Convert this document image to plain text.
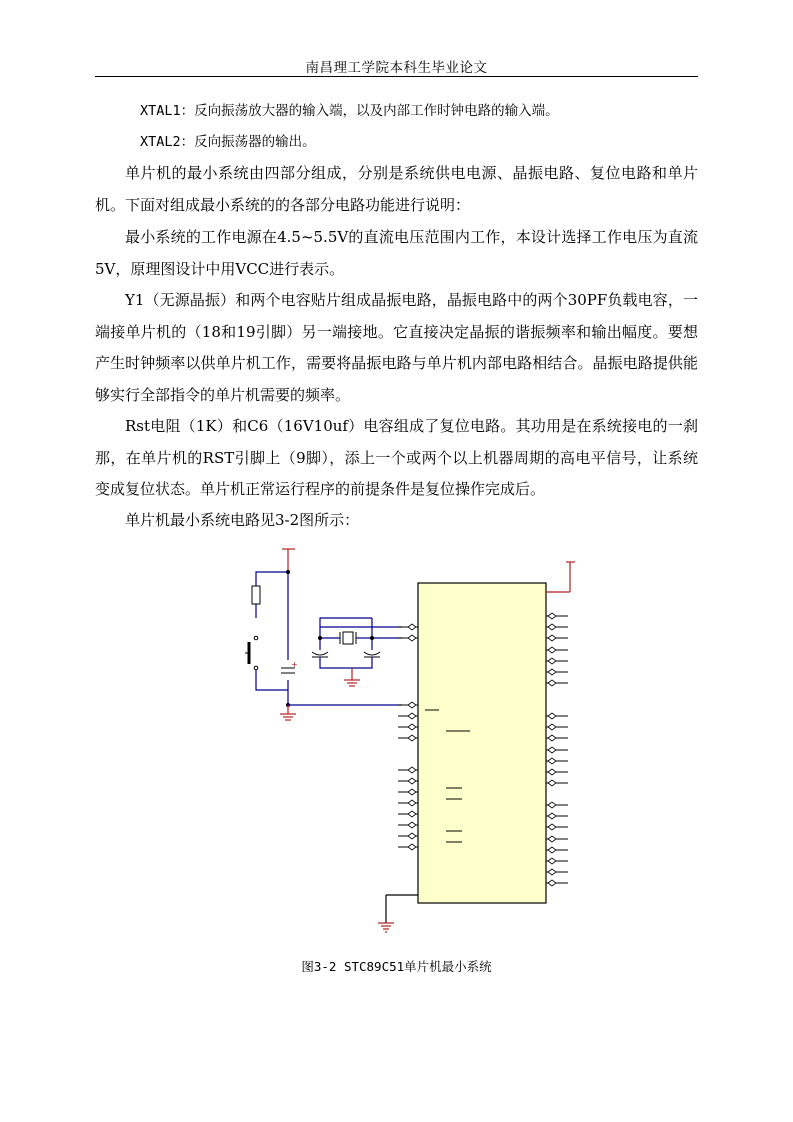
南昌理工学院本科生毕业论文

XTAL1：反向振荡放大器的输入端，以及内部工作时钟电路的输入端。

XTAL2：反向振荡器的输出。

单片机的最小系统由四部分组成，分别是系统供电电源、晶振电路、复位电路和单片机。下面对组成最小系统的的各部分电路功能进行说明：

最小系统的工作电源在4.5~5.5V的直流电压范围内工作，本设计选择工作电压为直流5V，原理图设计中用VCC进行表示。

Y1（无源晶振）和两个电容贴片组成晶振电路，晶振电路中的两个30PF负载电容，一端接单片机的（18和19引脚）另一端接地。它直接决定晶振的谐振频率和输出幅度。要想产生时钟频率以供单片机工作，需要将晶振电路与单片机内部电路相结合。晶振电路提供能够实行全部指令的单片机需要的频率。

Rst电阻（1K）和C6（16V10uf）电容组成了复位电路。其功用是在系统接电的一刹那，在单片机的RST引脚上（9脚），添上一个或两个以上机器周期的高电平信号，让系统变成复位状态。单片机正常运行程序的前提条件是复位操作完成后。

单片机最小系统电路见3-2图所示：

+
图3-2 STC89C51单片机最小系统
